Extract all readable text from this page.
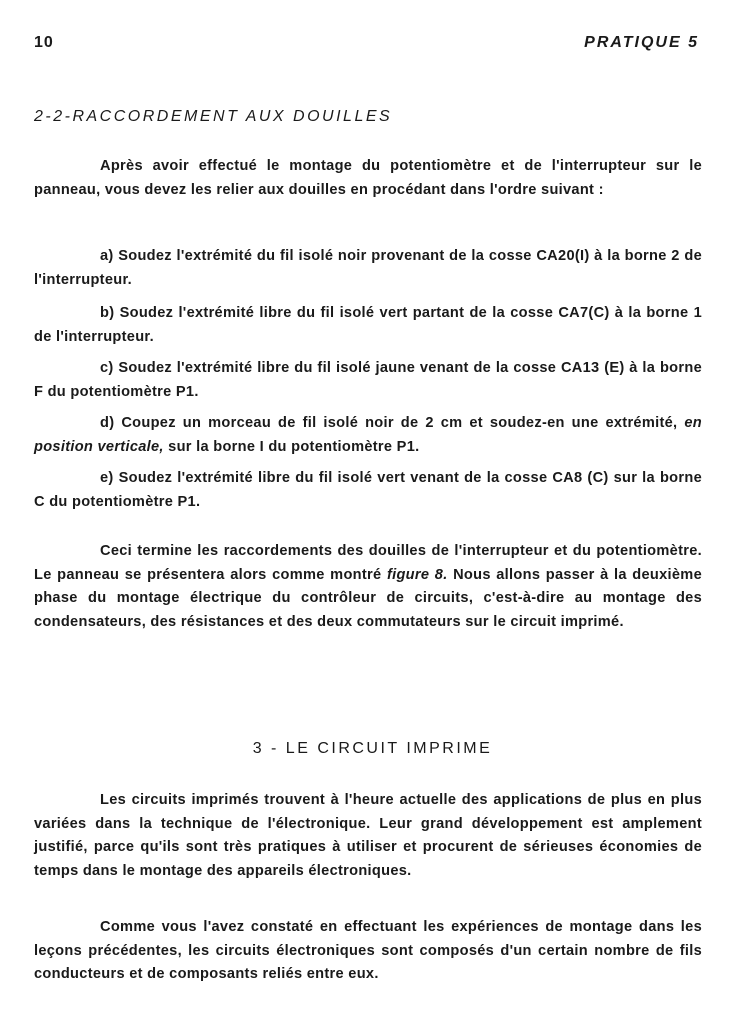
10	PRATIQUE 5
2-2-RACCORDEMENT AUX DOUILLES

Après avoir effectué le montage du potentiomètre et de l'interrupteur sur le panneau, vous devez les relier aux douilles en procédant dans l'ordre suivant :

a) Soudez l'extrémité du fil isolé noir provenant de la cosse CA20(I) à la borne 2 de l'interrupteur.

b) Soudez l'extrémité libre du fil isolé vert partant de la cosse CA7(C) à la borne 1 de l'interrupteur.

c) Soudez l'extrémité libre du fil isolé jaune venant de la cosse CA13 (E) à la borne F du potentiomètre P1.

d) Coupez un morceau de fil isolé noir de 2 cm et soudez-en une extrémité, en position verticale, sur la borne I du potentiomètre P1.

e) Soudez l'extrémité libre du fil isolé vert venant de la cosse CA8 (C) sur la borne C du potentiomètre P1.

Ceci termine les raccordements des douilles de l'interrupteur et du potentiomètre. Le panneau se présentera alors comme montré figure 8. Nous allons passer à la deuxième phase du montage électrique du contrôleur de circuits, c'est-à-dire au montage des condensateurs, des résistances et des deux commutateurs sur le circuit imprimé.

3 - LE CIRCUIT IMPRIME

Les circuits imprimés trouvent à l'heure actuelle des applications de plus en plus variées dans la technique de l'électronique. Leur grand développement est amplement justifié, parce qu'ils sont très pratiques à utiliser et procurent de sérieuses économies de temps dans le montage des appareils électroniques.

Comme vous l'avez constaté en effectuant les expériences de montage dans les leçons précédentes, les circuits électroniques sont composés d'un certain nombre de fils conducteurs et de composants reliés entre eux.
